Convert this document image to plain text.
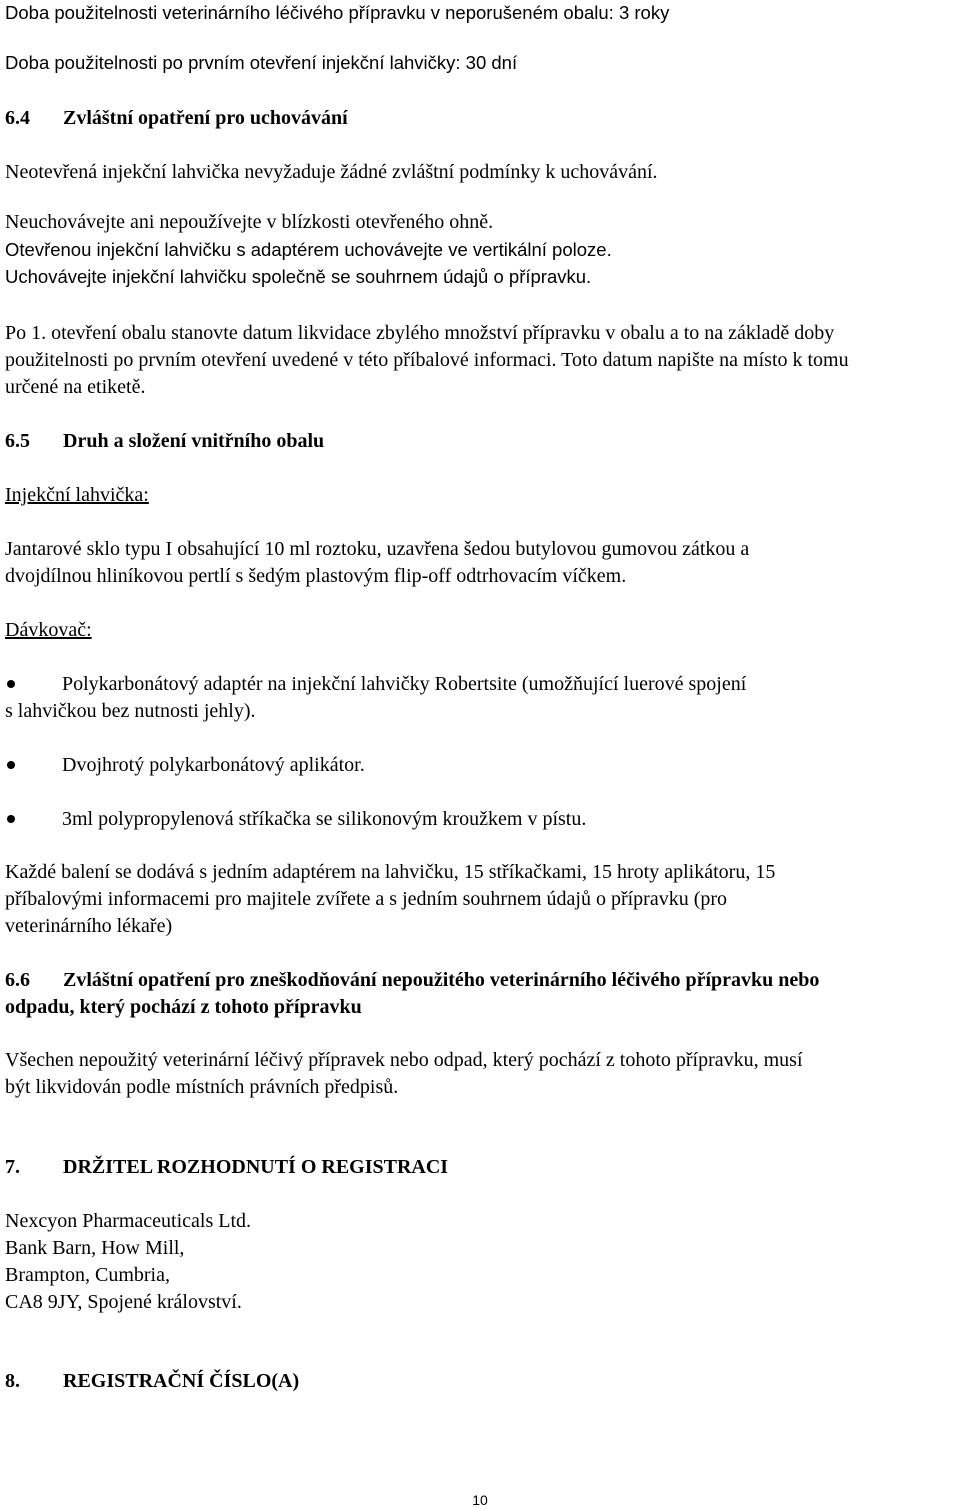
Doba použitelnosti veterinárního léčivého přípravku v neporušeném obalu: 3 roky
Doba použitelnosti po prvním otevření injekční lahvičky: 30 dní
6.4 Zvláštní opatření pro uchovávání
Neotevřená injekční lahvička nevyžaduje žádné zvláštní podmínky k uchovávání.
Neuchovávejte ani nepoužívejte v blízkosti otevřeného ohně.
Otevřenou injekční lahvičku s adaptérem uchovávejte ve vertikální poloze.
Uchovávejte injekční lahvičku společně se souhrnem údajů o přípravku.
Po 1. otevření obalu stanovte datum likvidace zbylého množství přípravku v obalu a to na základě doby
použitelnosti po prvním otevření uvedené v této příbalové informaci. Toto datum napište na místo k tomu
určené na etiketě.
6.5 Druh a složení vnitřního obalu
Injekční lahvička:
Jantarové sklo typu I obsahující 10 ml roztoku, uzavřena šedou butylovou gumovou zátkou a
dvojdílnou hliníkovou pertlí s šedým plastovým flip-off odtrhovacím víčkem.
Dávkovač:
Polykarbonátový adaptér na injekční lahvičky Robertsite (umožňující luerové spojení
s lahvičkou bez nutnosti jehly).
Dvojhrotý polykarbonátový aplikátor.
3ml polypropylenová stříkačka se silikonovým kroužkem v pístu.
Každé balení se dodává s jedním adaptérem na lahvičku, 15 stříkačkami, 15 hroty aplikátoru, 15
příbalovými informacemi pro majitele zvířete a s jedním souhrnem údajů o přípravku (pro
veterinárního lékaře)
6.6 Zvláštní opatření pro zneškodňování nepoužitého veterinárního léčivého přípravku nebo
odpadu, který pochází z tohoto přípravku
Všechen nepoužitý veterinární léčivý přípravek nebo odpad, který pochází z tohoto přípravku, musí
být likvidován podle místních právních předpisů.
7. DRŽITEL ROZHODNUTÍ O REGISTRACI
Nexcyon Pharmaceuticals Ltd.
Bank Barn, How Mill,
Brampton, Cumbria,
CA8 9JY, Spojené království.
8. REGISTRAČNÍ ČÍSLO(A)
10
